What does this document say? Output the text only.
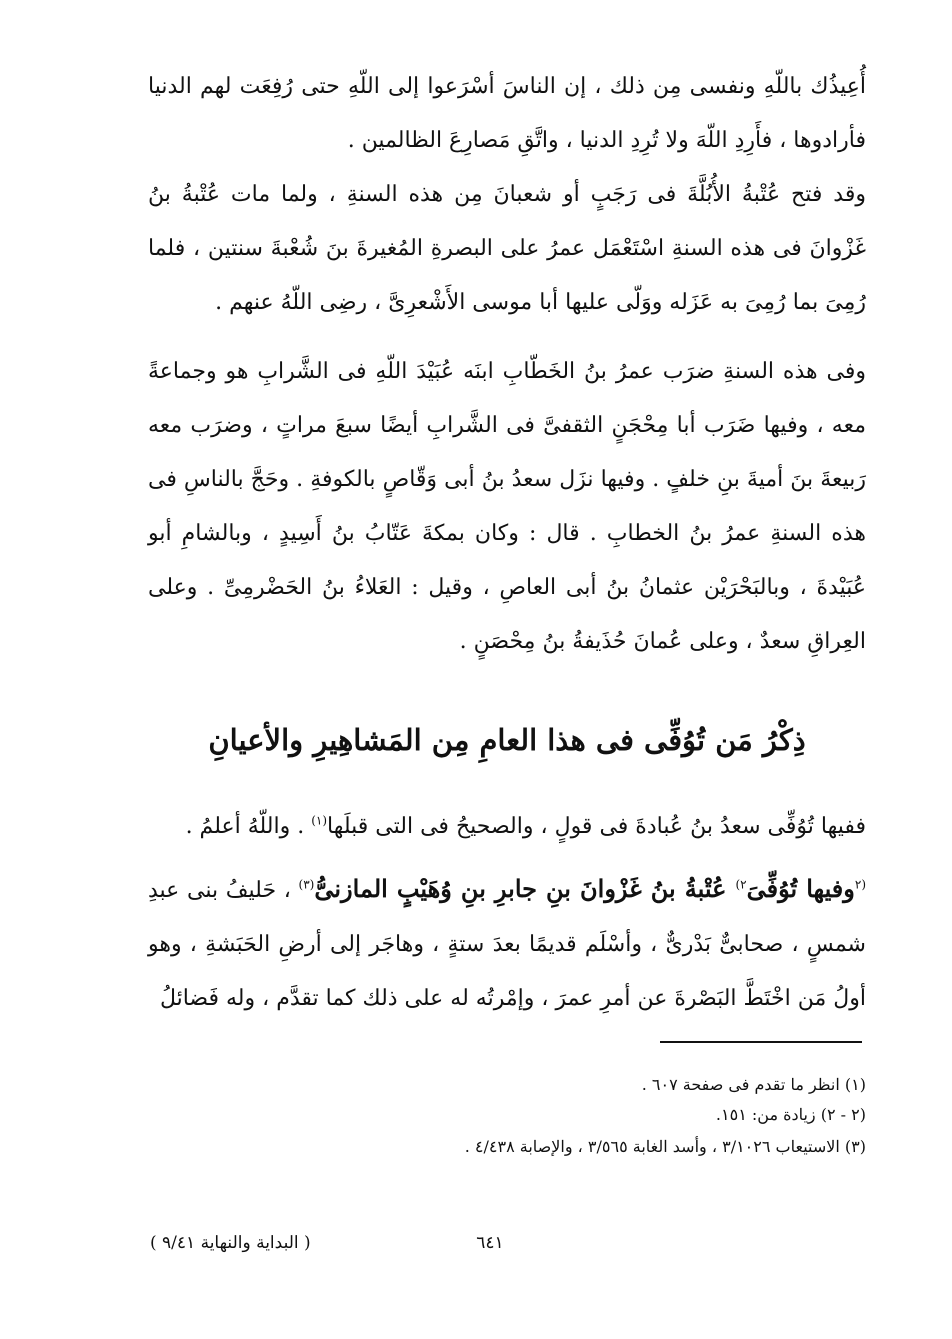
أُعِيذُك باللّهِ ونفسى مِن ذلك ، إن الناسَ أسْرَعوا إلى اللّهِ حتى رُفِعَت لهم الدنيا فأرادوها ، فأَرِدِ اللّهَ ولا تُرِدِ الدنيا ، واتَّقِ مَصارِعَ الظالمين .

وقد فتح عُتْبةُ الأُبُلَّةَ فى رَجَبٍ أو شعبانَ مِن هذه السنةِ ، ولما مات عُتْبةُ بنُ غَزْوانَ فى هذه السنةِ اسْتَعْمَل عمرُ على البصرةِ المُغيرةَ بنَ شُعْبةَ سنتين ، فلما رُمِىَ بما رُمِىَ به عَزَله ووَلّى عليها أبا موسى الأَشْعرِىَّ ، رضِى اللّهُ عنهم .

وفى هذه السنةِ ضرَب عمرُ بنُ الخَطّابِ ابنَه عُبَيْدَ اللّهِ فى الشَّرابِ هو وجماعةً معه ، وفيها ضَرَب أبا مِحْجَنٍ الثقفىَّ فى الشَّرابِ أيضًا سبعَ مراتٍ ، وضرَب معه رَبيعةَ بنَ أميةَ بنِ خلفٍ . وفيها نزَل سعدُ بنُ أبى وَقّاصٍ بالكوفةِ . وحَجَّ بالناسِ فى هذه السنةِ عمرُ بنُ الخطابِ . قال : وكان بمكةَ عَتّابُ بنُ أَسِيدٍ ، وبالشامِ أبو عُبَيْدةَ ، وبالبَحْرَيْن عثمانُ بنُ أبى العاصِ ، وقيل : العَلاءُ بنُ الحَضْرمِىِّ . وعلى العِراقِ سعدٌ ، وعلى عُمانَ حُذَيفةُ بنُ مِحْصَنٍ .

ذِكْرُ مَن تُوُفِّى فى هذا العامِ مِن المَشاهِيرِ والأعيانِ

ففيها تُوُفِّى سعدُ بنُ عُبادةَ فى قولٍ ، والصحيحُ فى التى قبلَها$^{(١)}$ . واللّهُ أعلمُ .

$^{(٢}$وفيها تُوُفِّىَ$^{٢)}$ عُتْبةُ بنُ غَزْوانَ بنِ جابرِ بنِ وُهَيْبٍ المازنىُّ$^{(٣)}$ ، حَليفُ بنى عبدِ شمسٍ ، صحابىٌّ بَدْرىٌّ ، وأسْلَم قديمًا بعدَ ستةٍ ، وهاجَر إلى أرضِ الحَبَشةِ ، وهو أولُ مَن اخْتَطَّ البَصْرةَ عن أمرِ عمرَ ، وإمْرتُه له على ذلك كما تقدَّم ، وله فَضائلُ

(١) انظر ما تقدم فى صفحة ٦٠٧ .

(٢ - ٢) زيادة من: ١٥١.

(٣) الاستيعاب ٣/١٠٢٦ ، وأسد الغابة ٣/٥٦٥ ، والإصابة ٤/٤٣٨ .

٦٤١

( البداية والنهاية ٩/٤١ )
